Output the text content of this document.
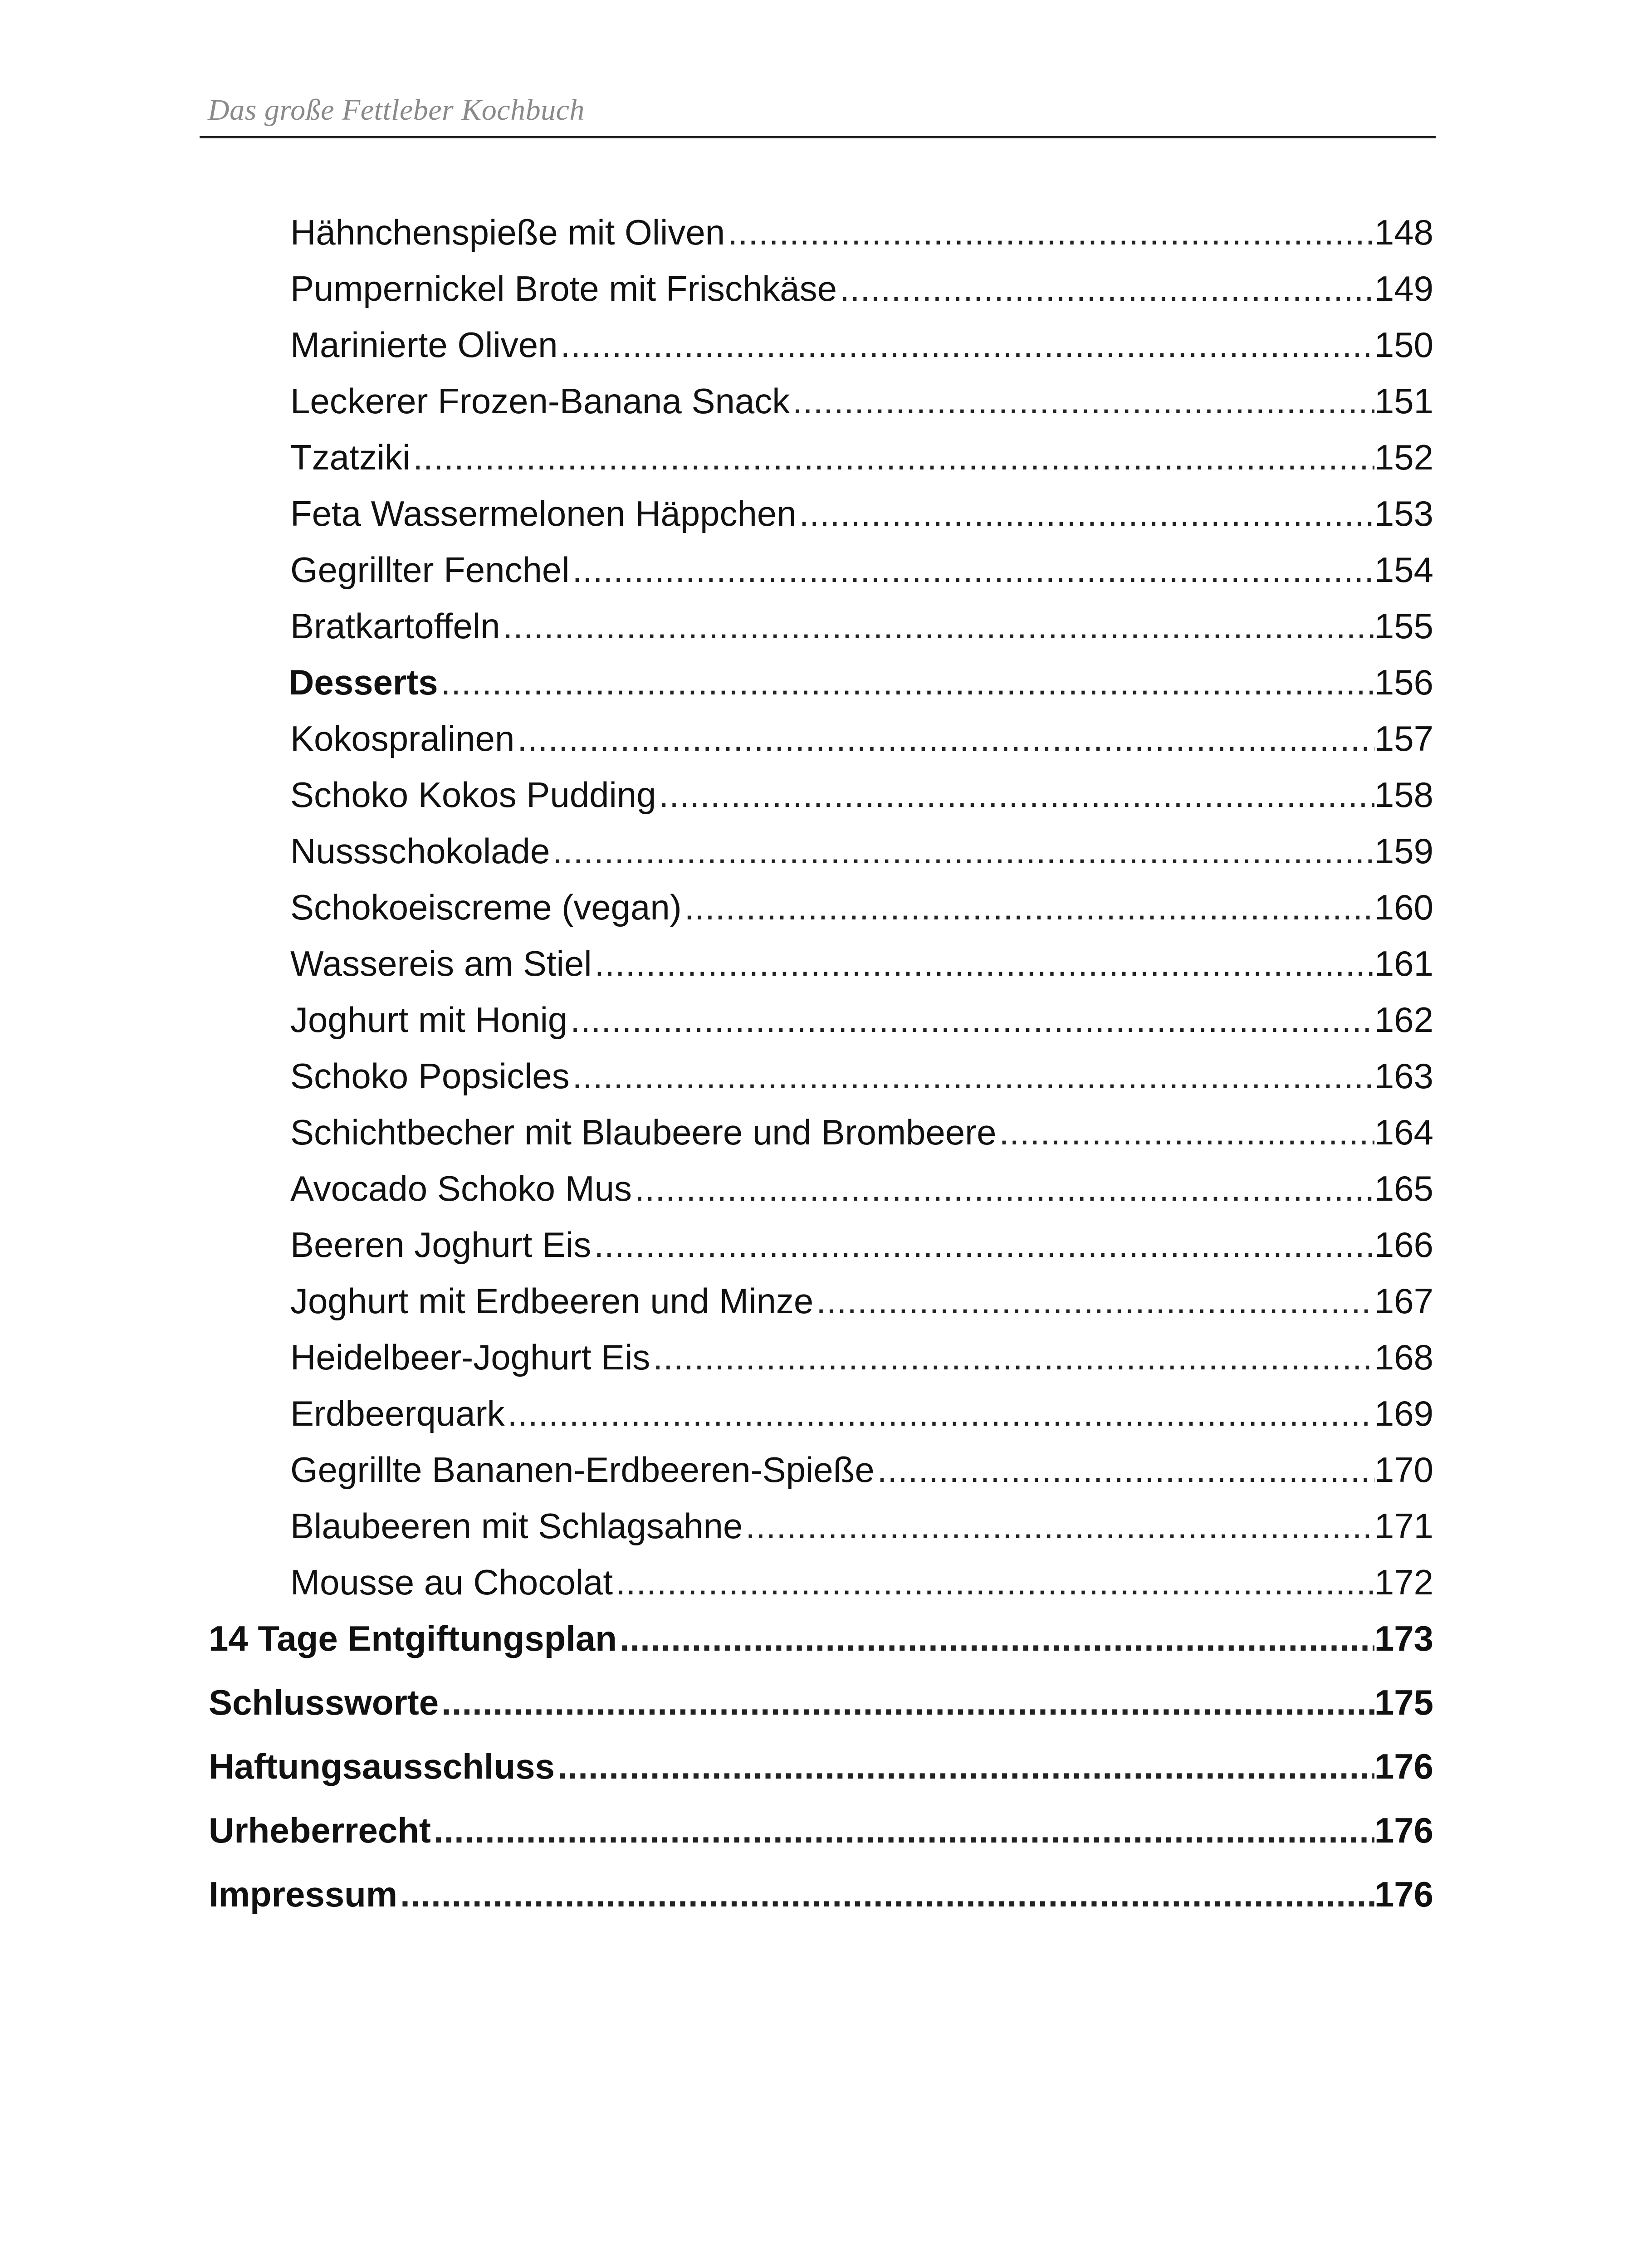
Das große Fettleber Kochbuch
Hähnchenspieße mit Oliven .....	148
Pumpernickel Brote mit Frischkäse .....	149
Marinierte Oliven .....	150
Leckerer Frozen-Banana Snack .....	151
Tzatziki .....	152
Feta Wassermelonen Häppchen .....	153
Gegrillter Fenchel .....	154
Bratkartoffeln .....	155
Desserts .....	156
Kokospralinen .....	157
Schoko Kokos Pudding .....	158
Nussschokolade .....	159
Schokoeiscreme (vegan) .....	160
Wassereis am Stiel .....	161
Joghurt mit Honig .....	162
Schoko Popsicles .....	163
Schichtbecher mit Blaubeere und Brombeere .....	164
Avocado Schoko Mus .....	165
Beeren Joghurt Eis .....	166
Joghurt mit Erdbeeren und Minze .....	167
Heidelbeer-Joghurt Eis .....	168
Erdbeerquark .....	169
Gegrillte Bananen-Erdbeeren-Spieße .....	170
Blaubeeren mit Schlagsahne .....	171
Mousse au Chocolat .....	172
14 Tage Entgiftungsplan .....	173
Schlussworte .....	175
Haftungsausschluss .....	176
Urheberrecht .....	176
Impressum .....	176
